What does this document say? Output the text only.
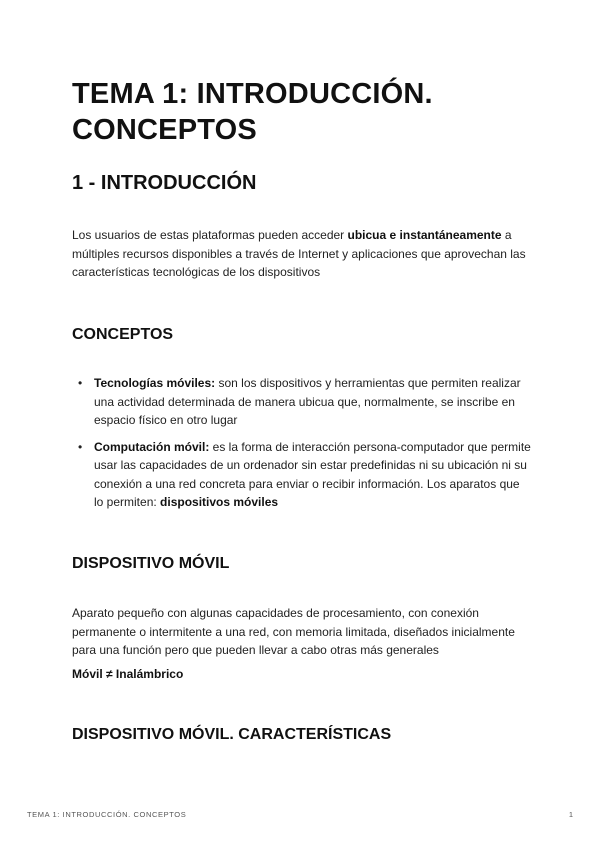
TEMA 1: INTRODUCCIÓN. CONCEPTOS
1 - INTRODUCCIÓN

Los usuarios de estas plataformas pueden acceder ubicua e instantáneamente a múltiples recursos disponibles a través de Internet y aplicaciones que aprovechan las características tecnológicas de los dispositivos

CONCEPTOS
• Tecnologías móviles: son los dispositivos y herramientas que permiten realizar una actividad determinada de manera ubicua que, normalmente, se inscribe en espacio físico en otro lugar
• Computación móvil: es la forma de interacción persona-computador que permite usar las capacidades de un ordenador sin estar predefinidas ni su ubicación ni su conexión a una red concreta para enviar o recibir información. Los aparatos que lo permiten: dispositivos móviles
DISPOSITIVO MÓVIL

Aparato pequeño con algunas capacidades de procesamiento, con conexión permanente o intermitente a una red, con memoria limitada, diseñados inicialmente para una función pero que pueden llevar a cabo otras más generales

Móvil ≠ Inalámbrico

DISPOSITIVO MÓVIL. CARACTERÍSTICAS
TEMA 1: INTRODUCCIÓN. CONCEPTOS	1
